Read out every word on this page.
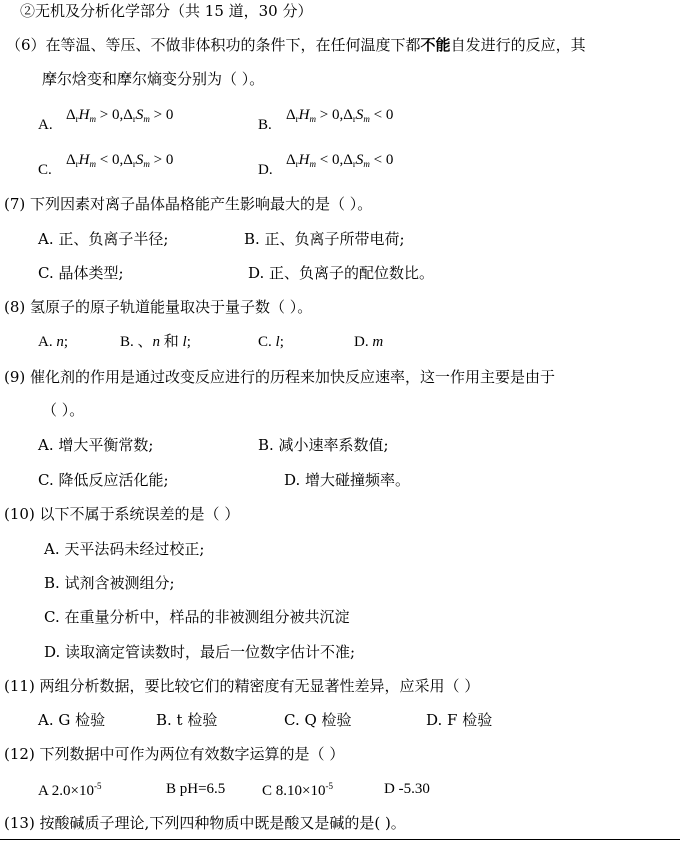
②无机及分析化学部分（共 15 道，30 分）
（6）在等温、等压、不做非体积功的条件下，在任何温度下都不能自发进行的反应，其
摩尔焓变和摩尔熵变分别为（ ）。
A.
$\Delta_rH_m > 0,\Delta_rS_m > 0$
B.
$\Delta_rH_m > 0,\Delta_rS_m < 0$
C.
$\Delta_rH_m < 0,\Delta_rS_m > 0$
D.
$\Delta_rH_m < 0,\Delta_rS_m < 0$
(7) 下列因素对离子晶体晶格能产生影响最大的是（ ）。
A. 正、负离子半径;	B. 正、负离子所带电荷;
C. 晶体类型;	D. 正、负离子的配位数比。
(8) 氢原子的原子轨道能量取决于量子数（ ）。
A. n;	B. 、n 和 l;	C. l;	D. m
(9) 催化剂的作用是通过改变反应进行的历程来加快反应速率，这一作用主要是由于
（ ）。
A. 增大平衡常数;	B. 减小速率系数值;
C. 降低反应活化能;	D. 增大碰撞频率。
(10) 以下不属于系统误差的是（ ）
A. 天平法码未经过校正;
B. 试剂含被测组分;
C. 在重量分析中，样品的非被测组分被共沉淀
D. 读取滴定管读数时，最后一位数字估计不准;
(11) 两组分析数据，要比较它们的精密度有无显著性差异，应采用（ ）
A. G 检验	B. t 检验	C. Q 检验	D. F 检验
(12) 下列数据中可作为两位有效数字运算的是（ ）
A $2.0\times 10^{-5}$	B pH=6.5 C $8.10\times 10^{-5}$	D -5.30
(13) 按酸碱质子理论,下列四种物质中既是酸又是碱的是( )。
